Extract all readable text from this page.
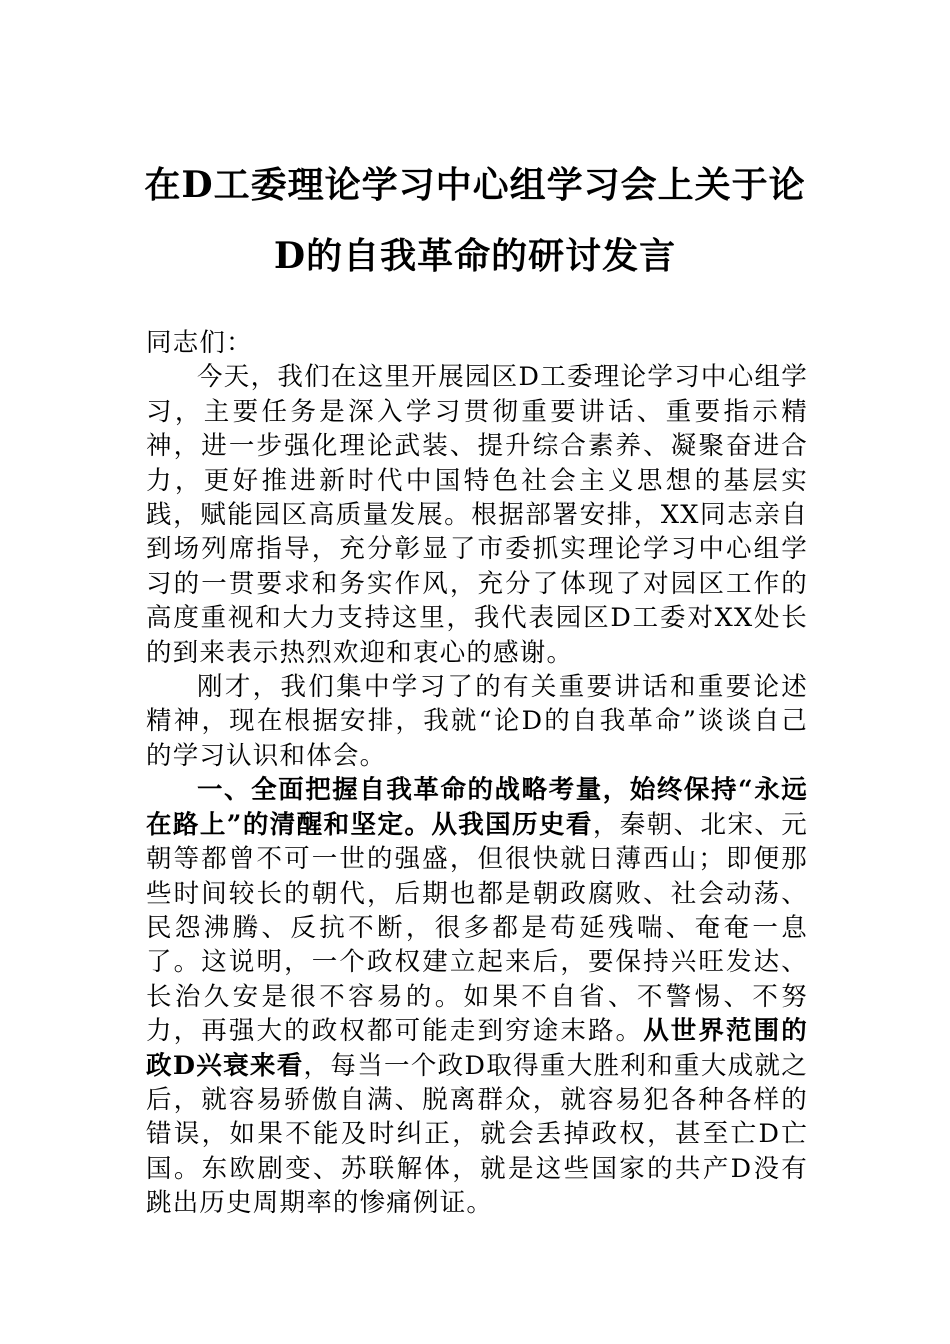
在D工委理论学习中心组学习会上关于论
D的自我革命的研讨发言

同志们：

今天，我们在这里开展园区D工委理论学习中心组学习，主要任务是深入学习贯彻重要讲话、重要指示精神，进一步强化理论武装、提升综合素养、凝聚奋进合力，更好推进新时代中国特色社会主义思想的基层实践，赋能园区高质量发展。根据部署安排，XX同志亲自到场列席指导，充分彰显了市委抓实理论学习中心组学习的一贯要求和务实作风，充分了体现了对园区工作的高度重视和大力支持这里，我代表园区D工委对XX处长的到来表示热烈欢迎和衷心的感谢。

刚才，我们集中学习了的有关重要讲话和重要论述精神，现在根据安排，我就“论D的自我革命”谈谈自己的学习认识和体会。

一、全面把握自我革命的战略考量，始终保持“永远在路上”的清醒和坚定。从我国历史看，秦朝、北宋、元朝等都曾不可一世的强盛，但很快就日薄西山；即便那些时间较长的朝代，后期也都是朝政腐败、社会动荡、民怨沸腾、反抗不断，很多都是苟延残喘、奄奄一息了。这说明，一个政权建立起来后，要保持兴旺发达、长治久安是很不容易的。如果不自省、不警惕、不努力，再强大的政权都可能走到穷途末路。从世界范围的政D兴衰来看，每当一个政D取得重大胜利和重大成就之后，就容易骄傲自满、脱离群众，就容易犯各种各样的错误，如果不能及时纠正，就会丢掉政权，甚至亡D亡国。东欧剧变、苏联解体，就是这些国家的共产D没有跳出历史周期率的惨痛例证。
